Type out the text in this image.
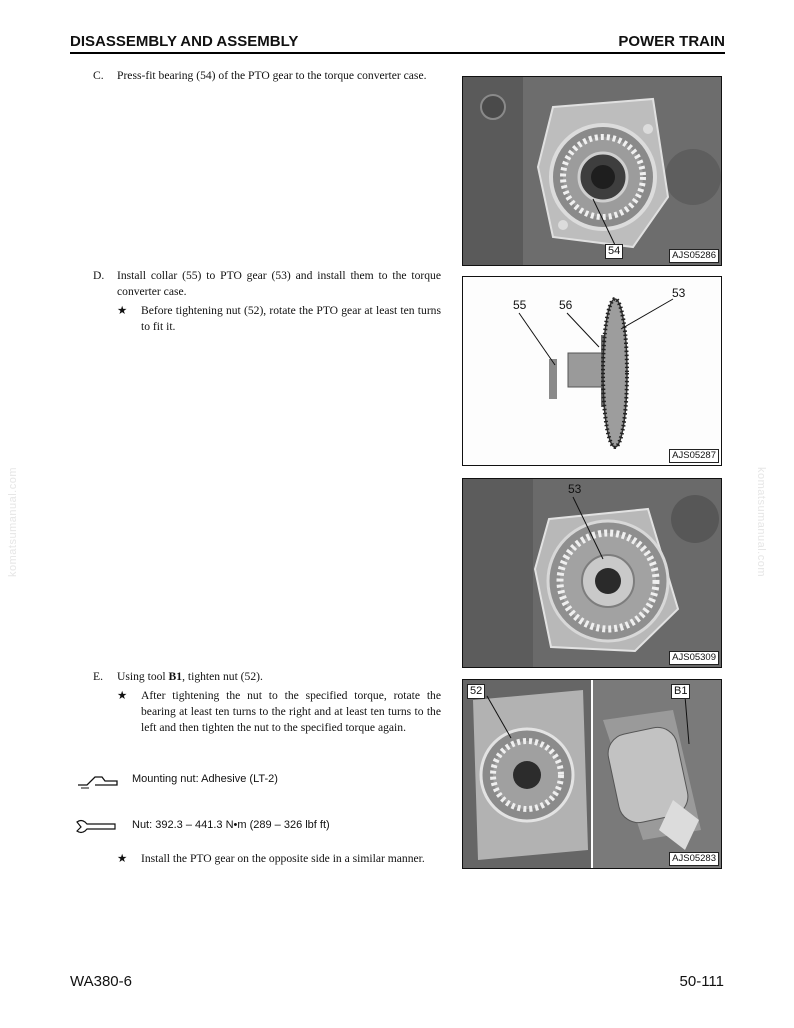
DISASSEMBLY AND ASSEMBLY	POWER TRAIN
C. Press-fit bearing (54) of the PTO gear to the torque converter case.
D. Install collar (55) to PTO gear (53) and install them to the torque converter case.
★ Before tightening nut (52), rotate the PTO gear at least ten turns to fit it.
E. Using tool B1, tighten nut (52).
★ After tightening the nut to the specified torque, rotate the bearing at least ten turns to the right and at least ten turns to the left and then tighten the nut to the specified torque again.
Mounting nut: Adhesive (LT-2)
Nut: 392.3 – 441.3 N•m (289 – 326 lbf ft)
★ Install the PTO gear on the opposite side in a similar manner.
54	AJS05286
55	56
53
AJS05287
53
AJS05309
52	B1
AJS05283
komatsumanual.com	komatsumanual.com
WA380-6	50-111
